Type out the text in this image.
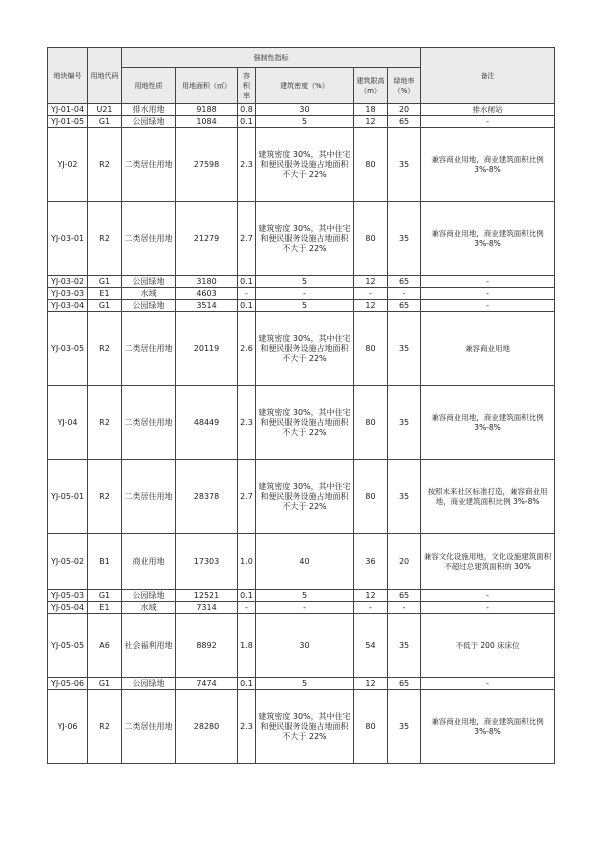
地块编号	用地代码	强制性指标						备注
		用地性质	用地面积（㎡）	容积率	建筑密度（%）	建筑限高（m）	绿地率（%）	
YJ-01-04	U21	排水用地	9188	0.8	30	18	20	排水闸站
YJ-01-05	G1	公园绿地	1084	0.1	5	12	65	-
YJ-02	R2	二类居住用地	27598	2.3	建筑密度 30%，其中住宅和便民服务设施占地面积不大于 22%	80	35	兼容商业用地，商业建筑面积比例 3%-8%
YJ-03-01	R2	二类居住用地	21279	2.7	建筑密度 30%，其中住宅和便民服务设施占地面积不大于 22%	80	35	兼容商业用地，商业建筑面积比例 3%-8%
YJ-03-02	G1	公园绿地	3180	0.1	5	12	65	-
YJ-03-03	E1	水域	4603	-	-	-	-	-
YJ-03-04	G1	公园绿地	3514	0.1	5	12	65	-
YJ-03-05	R2	二类居住用地	20119	2.6	建筑密度 30%，其中住宅和便民服务设施占地面积不大于 22%	80	35	兼容商业用地
YJ-04	R2	二类居住用地	48449	2.3	建筑密度 30%，其中住宅和便民服务设施占地面积不大于 22%	80	35	兼容商业用地，商业建筑面积比例 3%-8%
YJ-05-01	R2	二类居住用地	28378	2.7	建筑密度 30%，其中住宅和便民服务设施占地面积不大于 22%	80	35	按照未来社区标准打造，兼容商业用地，商业建筑面积比例 3%-8%
YJ-05-02	B1	商业用地	17303	1.0	40	36	20	兼容文化设施用地，文化设施建筑面积不超过总建筑面积的 30%
YJ-05-03	G1	公园绿地	12521	0.1	5	12	65	-
YJ-05-04	E1	水域	7314	-	-	-	-	-
YJ-05-05	A6	社会福利用地	8892	1.8	30	54	35	不低于 200 床床位
YJ-05-06	G1	公园绿地	7474	0.1	5	12	65	-
YJ-06	R2	二类居住用地	28280	2.3	建筑密度 30%，其中住宅和便民服务设施占地面积不大于 22%	80	35	兼容商业用地，商业建筑面积比例 3%-8%
